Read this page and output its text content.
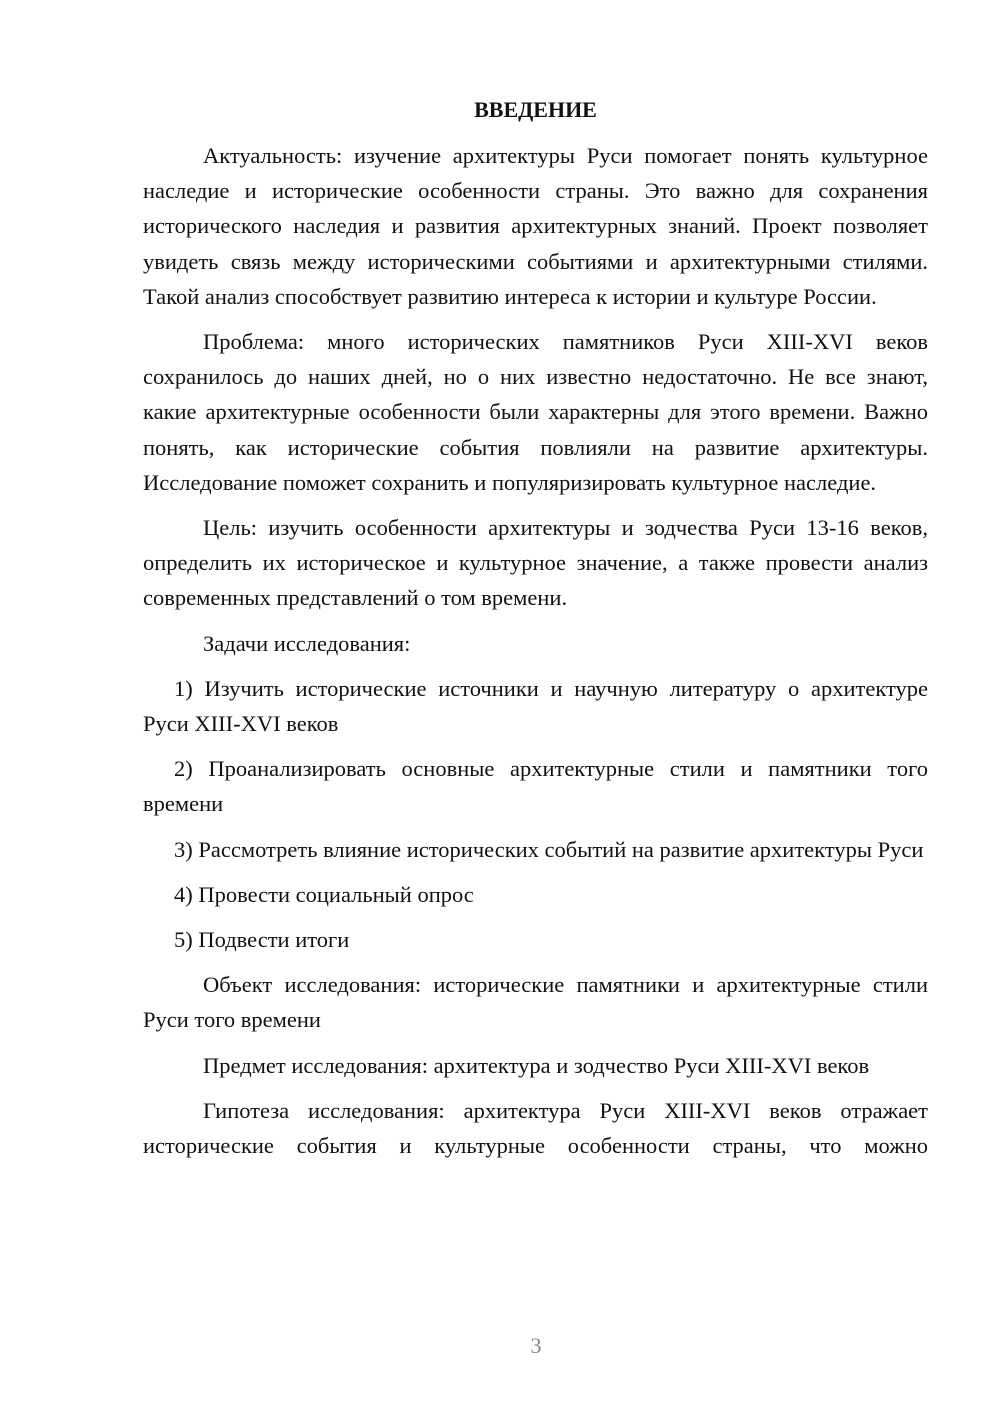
ВВЕДЕНИЕ

Актуальность: изучение архитектуры Руси помогает понять культурное наследие и исторические особенности страны. Это важно для сохранения исторического наследия и развития архитектурных знаний. Проект позволяет увидеть связь между историческими событиями и архитектурными стилями. Такой анализ способствует развитию интереса к истории и культуре России.

Проблема: много исторических памятников Руси XIII-XVI веков сохранилось до наших дней, но о них известно недостаточно. Не все знают, какие архитектурные особенности были характерны для этого времени. Важно понять, как исторические события повлияли на развитие архитектуры. Исследование поможет сохранить и популяризировать культурное наследие.

Цель: изучить особенности архитектуры и зодчества Руси 13-16 веков, определить их историческое и культурное значение, а также провести анализ современных представлений о том времени.

Задачи исследования:

1) Изучить исторические источники и научную литературу о архитектуре Руси XIII-XVI веков

2) Проанализировать основные архитектурные стили и памятники того времени

3) Рассмотреть влияние исторических событий на развитие архитектуры Руси

4) Провести социальный опрос

5) Подвести итоги

Объект исследования: исторические памятники и архитектурные стили Руси того времени

Предмет исследования: архитектура и зодчество Руси XIII-XVI веков

Гипотеза исследования: архитектура Руси XIII-XVI веков отражает исторические события и культурные особенности страны, что можно

3
